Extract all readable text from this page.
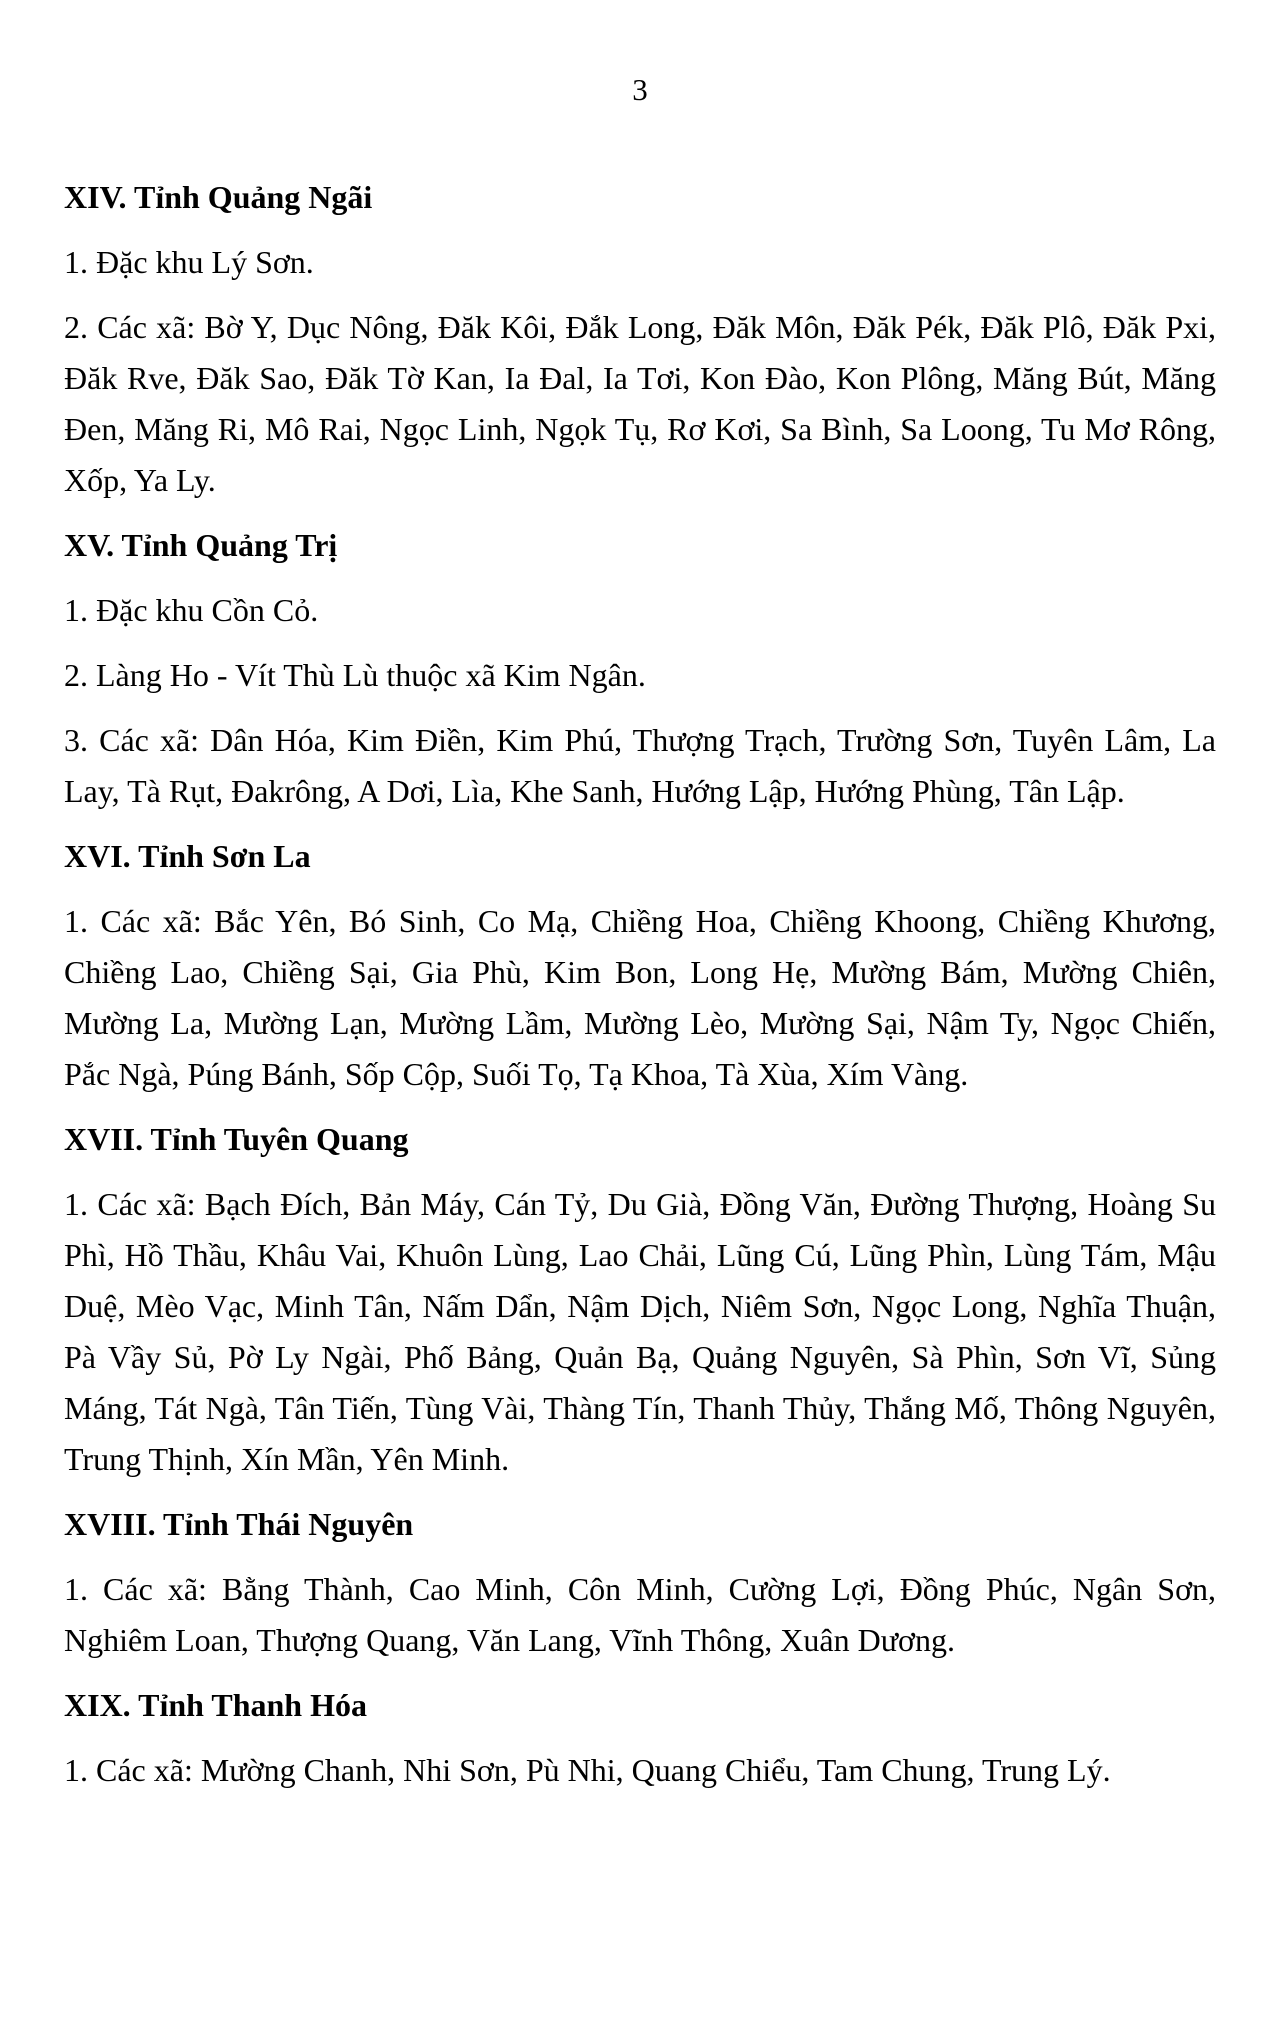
3
XIV. Tỉnh Quảng Ngãi
1. Đặc khu Lý Sơn.
2. Các xã: Bờ Y, Dục Nông, Đăk Kôi, Đắk Long, Đăk Môn, Đăk Pék, Đăk Plô, Đăk Pxi, Đăk Rve, Đăk Sao, Đăk Tờ Kan, Ia Đal, Ia Tơi, Kon Đào, Kon Plông, Măng Bút, Măng Đen, Măng Ri, Mô Rai, Ngọc Linh, Ngọk Tụ, Rơ Kơi, Sa Bình, Sa Loong, Tu Mơ Rông, Xốp, Ya Ly.
XV. Tỉnh Quảng Trị
1. Đặc khu Cồn Cỏ.
2. Làng Ho - Vít Thù Lù thuộc xã Kim Ngân.
3. Các xã: Dân Hóa, Kim Điền, Kim Phú, Thượng Trạch, Trường Sơn, Tuyên Lâm, La Lay, Tà Rụt, Đakrông, A Dơi, Lìa, Khe Sanh, Hướng Lập, Hướng Phùng, Tân Lập.
XVI. Tỉnh Sơn La
1. Các xã: Bắc Yên, Bó Sinh, Co Mạ, Chiềng Hoa, Chiềng Khoong, Chiềng Khương, Chiềng Lao, Chiềng Sại, Gia Phù, Kim Bon, Long Hẹ, Mường Bám, Mường Chiên, Mường La, Mường Lạn, Mường Lầm, Mường Lèo, Mường Sại, Nậm Ty, Ngọc Chiến, Pắc Ngà, Púng Bánh, Sốp Cộp, Suối Tọ, Tạ Khoa, Tà Xùa, Xím Vàng.
XVII. Tỉnh Tuyên Quang
1. Các xã: Bạch Đích, Bản Máy, Cán Tỷ, Du Già, Đồng Văn, Đường Thượng, Hoàng Su Phì, Hồ Thầu, Khâu Vai, Khuôn Lùng, Lao Chải, Lũng Cú, Lũng Phìn, Lùng Tám, Mậu Duệ, Mèo Vạc, Minh Tân, Nấm Dẩn, Nậm Dịch, Niêm Sơn, Ngọc Long, Nghĩa Thuận, Pà Vầy Sủ, Pờ Ly Ngài, Phố Bảng, Quản Bạ, Quảng Nguyên, Sà Phìn, Sơn Vĩ, Sủng Máng, Tát Ngà, Tân Tiến, Tùng Vài, Thàng Tín, Thanh Thủy, Thắng Mố, Thông Nguyên, Trung Thịnh, Xín Mần, Yên Minh.
XVIII. Tỉnh Thái Nguyên
1. Các xã: Bằng Thành, Cao Minh, Côn Minh, Cường Lợi, Đồng Phúc, Ngân Sơn, Nghiêm Loan, Thượng Quang, Văn Lang, Vĩnh Thông, Xuân Dương.
XIX. Tỉnh Thanh Hóa
1. Các xã: Mường Chanh, Nhi Sơn, Pù Nhi, Quang Chiểu, Tam Chung, Trung Lý.
